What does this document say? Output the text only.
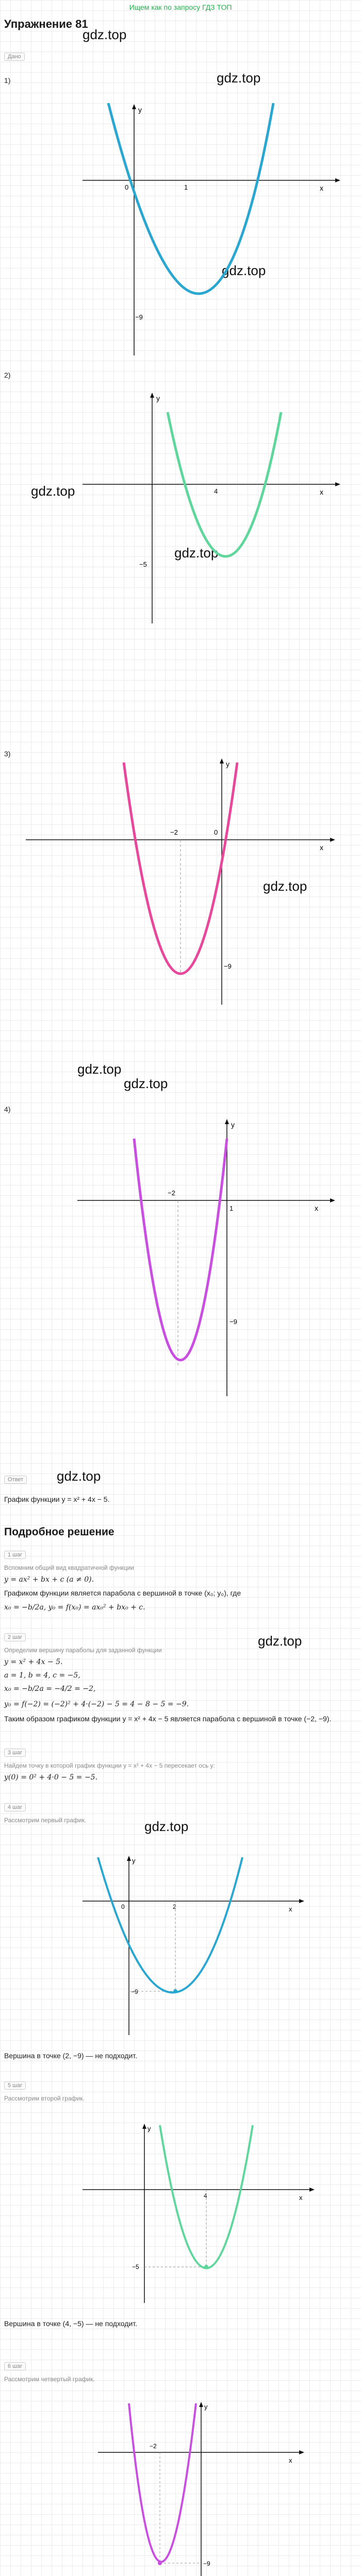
Ищем как по запросу ГДЗ ТОП
Упражнение 81
Дано
1)
gdz.top
gdz.top
gdz.top
0	1	x
y
−9
2)
gdz.top
gdz.top
4	x
y
−5
3)
gdz.top
gdz.top
−2	0
x
y
−9
4)
gdz.top
−2
1	x
y
−9
Ответ gdz.top
График функции y = x² + 4x − 5.
Подробное решение
1 шаг
Вспомним общий вид квадратичной функции
y = ax² + bx + c (a ≠ 0).
Графиком функции является парабола с вершиной в точке (x₀; y₀), где
x₀ = −b/2a, y₀ = f(x₀) = ax₀² + bx₀ + c.
2 шаг	gdz.top
Определим вершину параболы для заданной функции
y = x² + 4x − 5.
a = 1, b = 4, c = −5,
x₀ = −b/2a = −4/2 = −2,
y₀ = f(−2) = (−2)² + 4·(−2) − 5 = 4 − 8 − 5 = −9.
Таким образом графиком функции y = x² + 4x − 5 является парабола с вершиной в точке (−2, −9).
3 шаг
Найдем точку в которой график функции y = x² + 4x − 5 пересекает ось y:
y(0) = 0² + 4·0 − 5 = −5.
4 шаг
Рассмотрим первый график.	gdz.top
0	2	x
y
−9
Вершина в точке (2, −9) — не подходит.
5 шаг
Рассмотрим второй график.
4	x
y
−5
Вершина в точке (4, −5) — не подходит.
6 шаг
Рассмотрим четвертый график.
−2
x
y
−9
